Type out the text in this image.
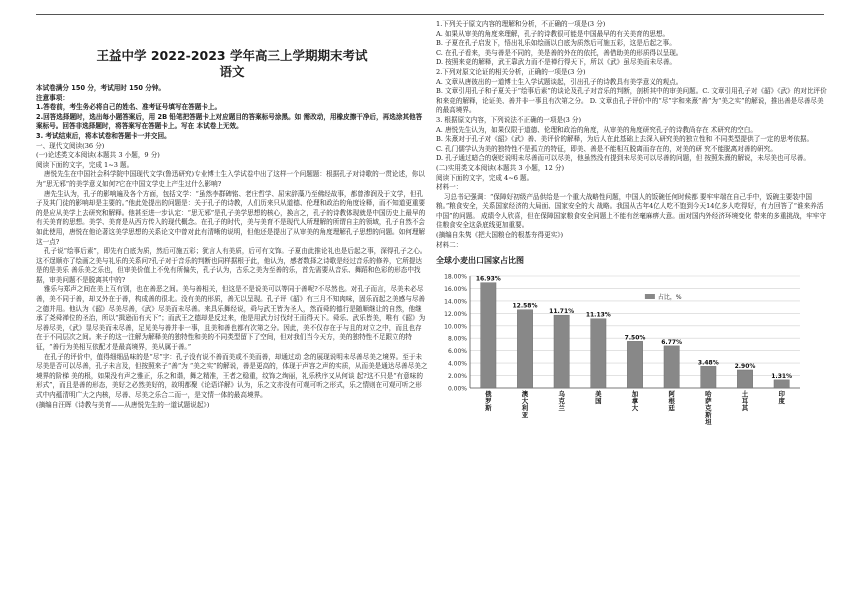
王益中学 2022-2023 学年高三上学期期末考试
语文

本试卷满分 150 分，考试用时 150 分钟。

注意事项：

1.答卷前，考生务必将自己的姓名、准考证号填写在答题卡上。

2.回答选择题时，选出每小题答案后，用 2B 铅笔把答题卡上对应题目的答案标号涂黑。如 需改动，用橡皮擦干净后，再选涂其他答案标号。回答非选择题时，将答案写在答题卡上。写在 本试卷上无效。

3. 考试结束后，将本试卷和答题卡一并交回。

一、现代文阅读(36 分)

(一)论述类文本阅读(本题共 3 小题，9 分)

阅读下面的文字，完成 1~3 题。

唐悦先生在中国社会科学院中国现代文学(鲁迅研究)专业博士生入学试卷中出了这样一个问题题：根据孔子对诗歌的一贯论述，你以为“思无邪”的美学意义如何?它在中国文学史上产生过什么影响?

唐先生认为，孔子的影响遍及各个方面，包括文学：“虽然李群碑铭、老庄哲学、屈宋辞藻乃至佛经故事，都曾渗润及于文学，但孔子及其门徒的影响却是主要的。”他此处提出的问题是：关于孔子的诗教，人们历来只从道德、伦理和政治的角度诠释，而不知道更重要的是应从美学上去研究和解释。他甚至进一步认定：“思无邪”是孔子美学思想的核心，换言之，孔子的诗教体现就是中国历史上最早的有关美育的思想。美学、美育是从西方传入的现代概念。在孔子的时代，美与美育不是现代人所理解的所谓自主的领域，孔子自然不会如此使用，唐悦在他论著这美学思想的关系论文中曾对此有清晰的说明，但他还是提出了从审美的角度理解孔子思想的问题。如何理解这一点?

孔子说“绘事后素”，即先有白底为质，然后可施五彩；犹言人有美质，后可有文饰。子夏由此推论礼也是后起之事，深得孔子之心。这不逞顺亦了绘画之美与礼乐的关系问?孔子对于音乐的判断也同样据根于此，他认为，感者数择之诗歌是经过音乐的修养，它所提达是的是美乐 善乐美之乐也，但审美价值上不免有所偏失，孔子认为，古乐之美为至善的乐，首先需要从音乐、舞蹈和色彩的形态中找据，审美问题不是脱离其中的?

雅乐与郑声之间在美上互有别，也在善恶之间。美与善相关，但这是不是说美可以等同于善呢?不尽然也。对孔子而言，尽美未必尽善，美不同于善，却又外在于善，构成善的很北。没有美的形质，善无以呈现。孔子评《韶》有三月不知肉味，固乐而起之美感与尽善之德并用。他认为《韶》尽美尽善，《武》尽美而未尽善。来具乐舞经说，舜与武王皆为圣人，然而舜的德行是随顺继让的自然，他继承了尧舜禅位的圣治，所以“揖逊而有天下”；而武王之德却是反过来，他是用武力讨伐纣王而得天下。舜乐、武乐皆美，唯有《韶》为尽善尽美，《武》显尽美而未尽善，足见美与善并非一事，且美和善也都有次第之分。因此，美不仅存在于与且的对立之中，而且也存在于不同层次之间。来子的这一注解为解释美的独特性和美的不同类型留下了空间，但对我们当今天方，美的独特性不足跟立的特征，“善行为美相互依配才是最高境界，美从属于善。”

在孔子的评价中，值得细细品味的是“尽”字：孔子没有说不善而美或不美而善，却通过动 念的展现说明未尽善尽美之境界。至于未尽美是否可以尽善，孔子未言及，但按照来子“善”为 “美之实”的解说，善是更高的，体现于声容之声的实质，从而美是通达尽善尽美之境界的阶梯 美的根，如果没有声之雅正，乐之和谐，舞之精准，王者之稳重，纹饰之绚丽，礼乐秩序又从何谈 起?这不只是“有意味的形式”，而且是善的形态，美好之必然美好的，故明都聚《论语详解》认为，乐之文亦没有可观可听之形式，乐之情则在可观可听之形式中内蕴清明广大之内核，尽善、尽美之乐合二而一，是文情一体的最高境界。

(摘编自汪晖《诗教与美育——从唐悦先生的一道试题说起》)

1.下列关于原文内容的理解和分析，不正确的一项是(3 分)

A. 如果从审美的角度来理解，孔子的诗教很可能是中国最早的有关美育的思想。

B. 子夏在孔子启发下，悟出礼乐如绘画以白底为质然后可施五彩，这是后起之事。

C. 在孔子看来，美与善是不同的，美是善的外在的依托，善借助美的形质得以呈现。

D. 按照来竞的解释，武王靠武力而不是禅行得天下，所以《武》虽尽美而未尽善。

2.下列对原文论证的相关分析，正确的一项是(3 分)

A. 文章从唐彼出的一道博士生入学试题谈起，引出孔子的诗教具有美学意义的观点。

B. 文章引用孔子和子夏关于“绘事后素”的谈论及孔子对音乐的判断，剖析其中的审美问题。C. 文章引用孔子对《韶》《武》的对比评价和来竞的解释，论证美、善并非一事且有次第之分。 D. 文章由孔子评价中的“尽”字和来熹“善”为“美之实”的解说，推出善是尽善尽美的最高境界。

3. 根据原文内容，下列说法不正确的一项是(3 分)

A. 唐悦先生认为，如果仅限于道德、伦理和政治的角度，从审美的角度研究孔子的诗教尚存在 术研究的空白。

B. 朱熹对于孔子对《韶》《武》善、美评价的解释，为后人在此基础上去深入研究美的独立性和 不同类型提供了一定的思考依据。

C. 孔门儒学认为美的独特性不是孤立的特征，即美、善是不能相互脱离而存在的，对美的研 究不能脱离对善的研究。

D. 孔子通过暗合的褒贬说明未尽善而可以尽美，他虽然没有提到未尽美可以尽善的问题，但 按照朱熹的解说，未尽美也可尽善。

(二)实用类文本阅读(本题共 3 小题，12 分)

阅读下面的文字，完成 4~6 题。

材料一：

习总书记强调：“保障好初级产品供给是一个重大战略性问题，中国人的饭碗任何时候都 要牢牢端在自己手中，饭碗主要装中国粮。”粮食安全，关系国家经济的大局面、国家安全的大 战略。我国从古年4亿人吃不饱到今天14亿多人吃得好，有力回答了“谁来养活中国”的问题。 成绩令人欣喜，但在保障国家粮食安全问题上不能有丝毫麻痹大意。面对国内外经济环境变化 带来的多重挑战，牢牢守住粮食安全这条底线更加重要。

(摘编自朱隽《把大国粮仓的根基夯得更实》)

材料二：

全球小麦出口国家占比图
18.00%
16.00%
14.00%
12.00%
10.00%
8.00%
6.00%
4.00%
2.00%
0.00%
占比，%
16.93%
俄罗斯
12.58%
澳大利亚
11.71%
乌克兰
11.13%
美国
7.50%
加拿大
6.77%
阿根廷
3.48%
哈萨克斯坦
2.90%
土耳其
1.31%
印度
